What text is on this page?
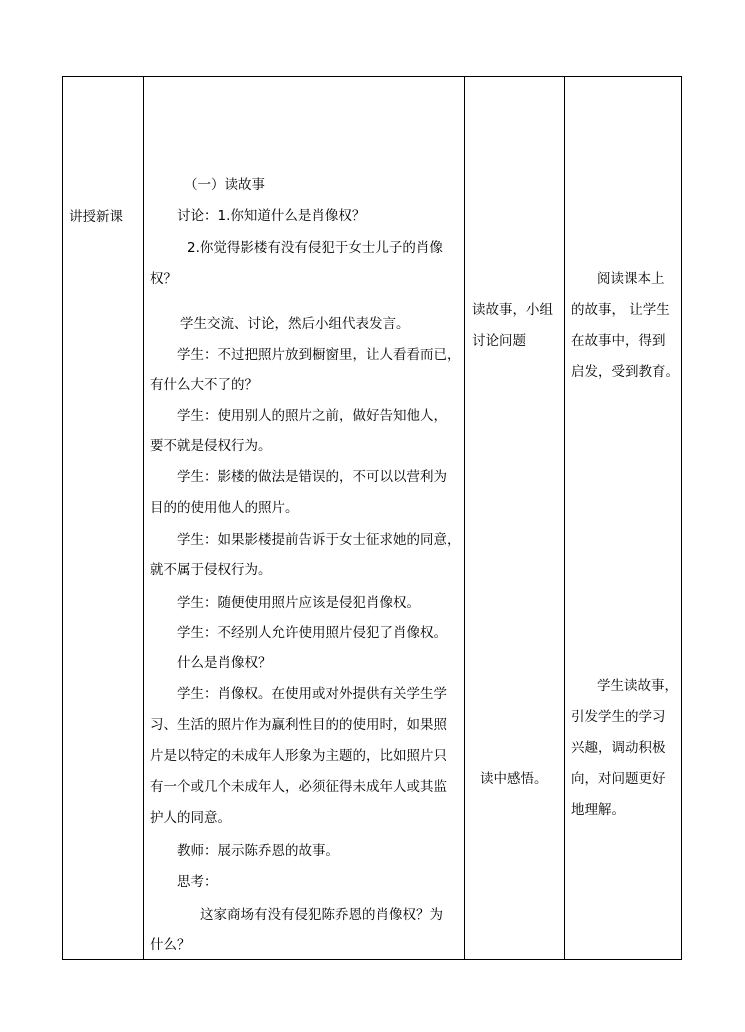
讲授新课
（一）读故事
讨论：1.你知道什么是肖像权？
2.你觉得影楼有没有侵犯于女士儿子的肖像
权？
学生交流、讨论，然后小组代表发言。
学生：不过把照片放到橱窗里，让人看看而已，
有什么大不了的？
学生：使用别人的照片之前，做好告知他人，
要不就是侵权行为。
学生：影楼的做法是错误的，不可以以营利为
目的的使用他人的照片。
学生：如果影楼提前告诉于女士征求她的同意，
就不属于侵权行为。
学生：随便使用照片应该是侵犯肖像权。
学生：不经别人允许使用照片侵犯了肖像权。
什么是肖像权？
学生：肖像权。在使用或对外提供有关学生学
习、生活的照片作为赢利性目的的使用时，如果照
片是以特定的未成年人形象为主题的，比如照片只
有一个或几个未成年人，必须征得未成年人或其监
护人的同意。
教师：展示陈乔恩的故事。
思考：
这家商场有没有侵犯陈乔恩的肖像权？为
什么？
读故事，小组
讨论问题
读中感悟。
阅读课本上
的故事， 让学生
在故事中，得到
启发，受到教育。
学生读故事，
引发学生的学习
兴趣，调动积极
向，对问题更好
地理解。
